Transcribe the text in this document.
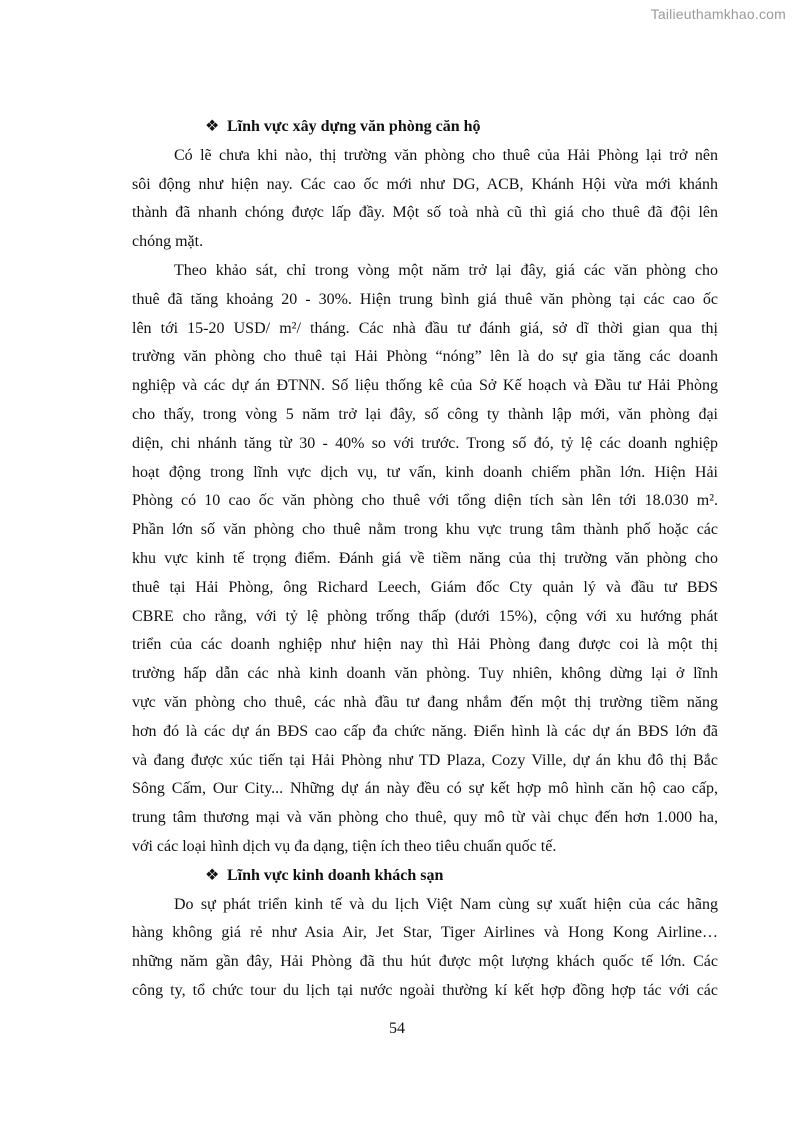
Tailieuthamkhao.com
❖ Lĩnh vực xây dựng văn phòng căn hộ

Có lẽ chưa khi nào, thị trường văn phòng cho thuê của Hải Phòng lại trở nên
sôi động như hiện nay. Các cao ốc mới như DG, ACB, Khánh Hội vừa mới khánh
thành đã nhanh chóng được lấp đầy. Một số toà nhà cũ thì giá cho thuê đã đội lên
chóng mặt.

Theo khảo sát, chỉ trong vòng một năm trở lại đây, giá các văn phòng cho
thuê đã tăng khoảng 20 - 30%. Hiện trung bình giá thuê văn phòng tại các cao ốc
lên tới 15-20 USD/ m²/ tháng. Các nhà đầu tư đánh giá, sở dĩ thời gian qua thị
trường văn phòng cho thuê tại Hải Phòng “nóng” lên là do sự gia tăng các doanh
nghiệp và các dự án ĐTNN. Số liệu thống kê của Sở Kế hoạch và Đầu tư Hải Phòng
cho thấy, trong vòng 5 năm trở lại đây, số công ty thành lập mới, văn phòng đại
diện, chi nhánh tăng từ 30 - 40% so với trước. Trong số đó, tỷ lệ các doanh nghiệp
hoạt động trong lĩnh vực dịch vụ, tư vấn, kinh doanh chiếm phần lớn. Hiện Hải
Phòng có 10 cao ốc văn phòng cho thuê với tổng diện tích sàn lên tới 18.030 m².
Phần lớn số văn phòng cho thuê nằm trong khu vực trung tâm thành phố hoặc các
khu vực kinh tế trọng điểm. Đánh giá về tiềm năng của thị trường văn phòng cho
thuê tại Hải Phòng, ông Richard Leech, Giám đốc Cty quản lý và đầu tư BĐS
CBRE cho rằng, với tỷ lệ phòng trống thấp (dưới 15%), cộng với xu hướng phát
triển của các doanh nghiệp như hiện nay thì Hải Phòng đang được coi là một thị
trường hấp dẫn các nhà kinh doanh văn phòng. Tuy nhiên, không dừng lại ở lĩnh
vực văn phòng cho thuê, các nhà đầu tư đang nhắm đến một thị trường tiềm năng
hơn đó là các dự án BĐS cao cấp đa chức năng. Điển hình là các dự án BĐS lớn đã
và đang được xúc tiến tại Hải Phòng như TD Plaza, Cozy Ville, dự án khu đô thị Bắc
Sông Cấm, Our City... Những dự án này đều có sự kết hợp mô hình căn hộ cao cấp,
trung tâm thương mại và văn phòng cho thuê, quy mô từ vài chục đến hơn 1.000 ha,
với các loại hình dịch vụ đa dạng, tiện ích theo tiêu chuẩn quốc tế.

❖ Lĩnh vực kinh doanh khách sạn

Do sự phát triển kinh tế và du lịch Việt Nam cùng sự xuất hiện của các hãng
hàng không giá rẻ như Asia Air, Jet Star, Tiger Airlines và Hong Kong Airline…
những năm gần đây, Hải Phòng đã thu hút được một lượng khách quốc tế lớn. Các
công ty, tổ chức tour du lịch tại nước ngoài thường kí kết hợp đồng hợp tác với các

54
